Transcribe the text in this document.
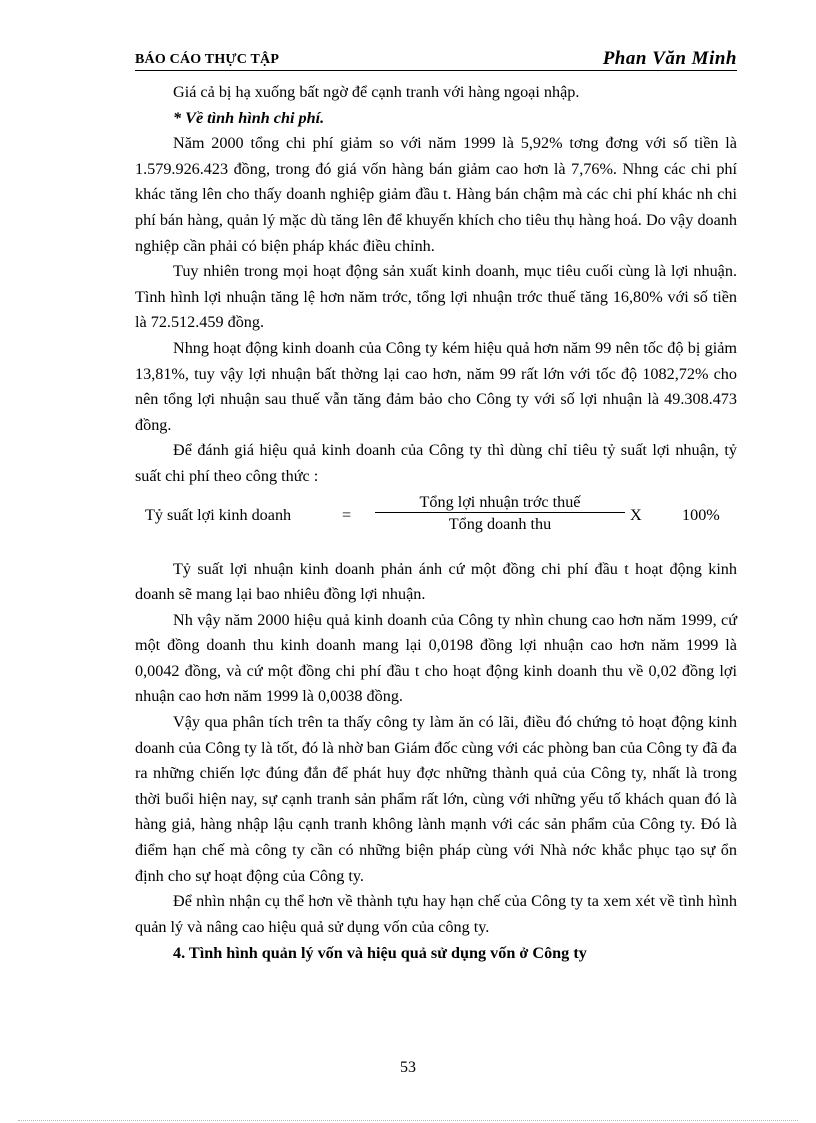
BÁO CÁO THỰC TẬP	Phan Văn Minh

Giá cả bị hạ xuống bất ngờ để cạnh tranh với hàng ngoại nhập.

* Về tình hình chi phí.

Năm 2000 tổng chi phí giảm so với năm 1999 là 5,92% tơng đơng với số tiền là 1.579.926.423 đồng, trong đó giá vốn hàng bán giảm cao hơn là 7,76%. Nhng các chi phí khác tăng lên cho thấy doanh nghiệp giảm đầu t. Hàng bán chậm mà các chi phí khác nh chi phí bán hàng, quản lý mặc dù tăng lên để khuyến khích cho tiêu thụ hàng hoá. Do vậy doanh nghiệp cần phải có biện pháp khác điều chỉnh.

Tuy nhiên trong mọi hoạt động sản xuất kinh doanh, mục tiêu cuối cùng là lợi nhuận. Tình hình lợi nhuận tăng lệ hơn năm trớc, tổng lợi nhuận trớc thuế tăng 16,80% với số tiền là 72.512.459 đồng.

Nhng hoạt động kinh doanh của Công ty kém hiệu quả hơn năm 99 nên tốc độ bị giảm 13,81%, tuy vậy lợi nhuận bất thờng lại cao hơn, năm 99 rất lớn với tốc độ 1082,72% cho nên tổng lợi nhuận sau thuế vẫn tăng đảm bảo cho Công ty với số lợi nhuận là 49.308.473 đồng.

Để đánh giá hiệu quả kinh doanh của Công ty thì dùng chỉ tiêu tỷ suất lợi nhuận, tỷ suất chi phí theo công thức :

Tỷ suất lợi kinh doanh	=
Tổng lợi nhuận trớc thuế
Tổng doanh thu	X 100%

Tỷ suất lợi nhuận kinh doanh phản ánh cứ một đồng chi phí đầu t hoạt động kinh doanh sẽ mang lại bao nhiêu đồng lợi nhuận.

Nh vậy năm 2000 hiệu quả kinh doanh của Công ty nhìn chung cao hơn năm 1999, cứ một đồng doanh thu kinh doanh mang lại 0,0198 đồng lợi nhuận cao hơn năm 1999 là 0,0042 đồng, và cứ một đồng chi phí đầu t cho hoạt động kinh doanh thu về 0,02 đồng lợi nhuận cao hơn năm 1999 là 0,0038 đồng.

Vậy qua phân tích trên ta thấy công ty làm ăn có lãi, điều đó chứng tỏ hoạt động kinh doanh của Công ty là tốt, đó là nhờ ban Giám đốc cùng với các phòng ban của Công ty đã đa ra những chiến lợc đúng đắn để phát huy đợc những thành quả của Công ty, nhất là trong thời buổi hiện nay, sự cạnh tranh sản phẩm rất lớn, cùng với những yếu tố khách quan đó là hàng giả, hàng nhập lậu cạnh tranh không lành mạnh với các sản phẩm của Công ty. Đó là điểm hạn chế mà công ty cần có những biện pháp cùng với Nhà nớc khắc phục tạo sự ổn định cho sự hoạt động của Công ty.

Để nhìn nhận cụ thể hơn về thành tựu hay hạn chế của Công ty ta xem xét về tình hình quản lý và nâng cao hiệu quả sử dụng vốn của công ty.

4. Tình hình quản lý vốn và hiệu quả sử dụng vốn ở Công ty

53
